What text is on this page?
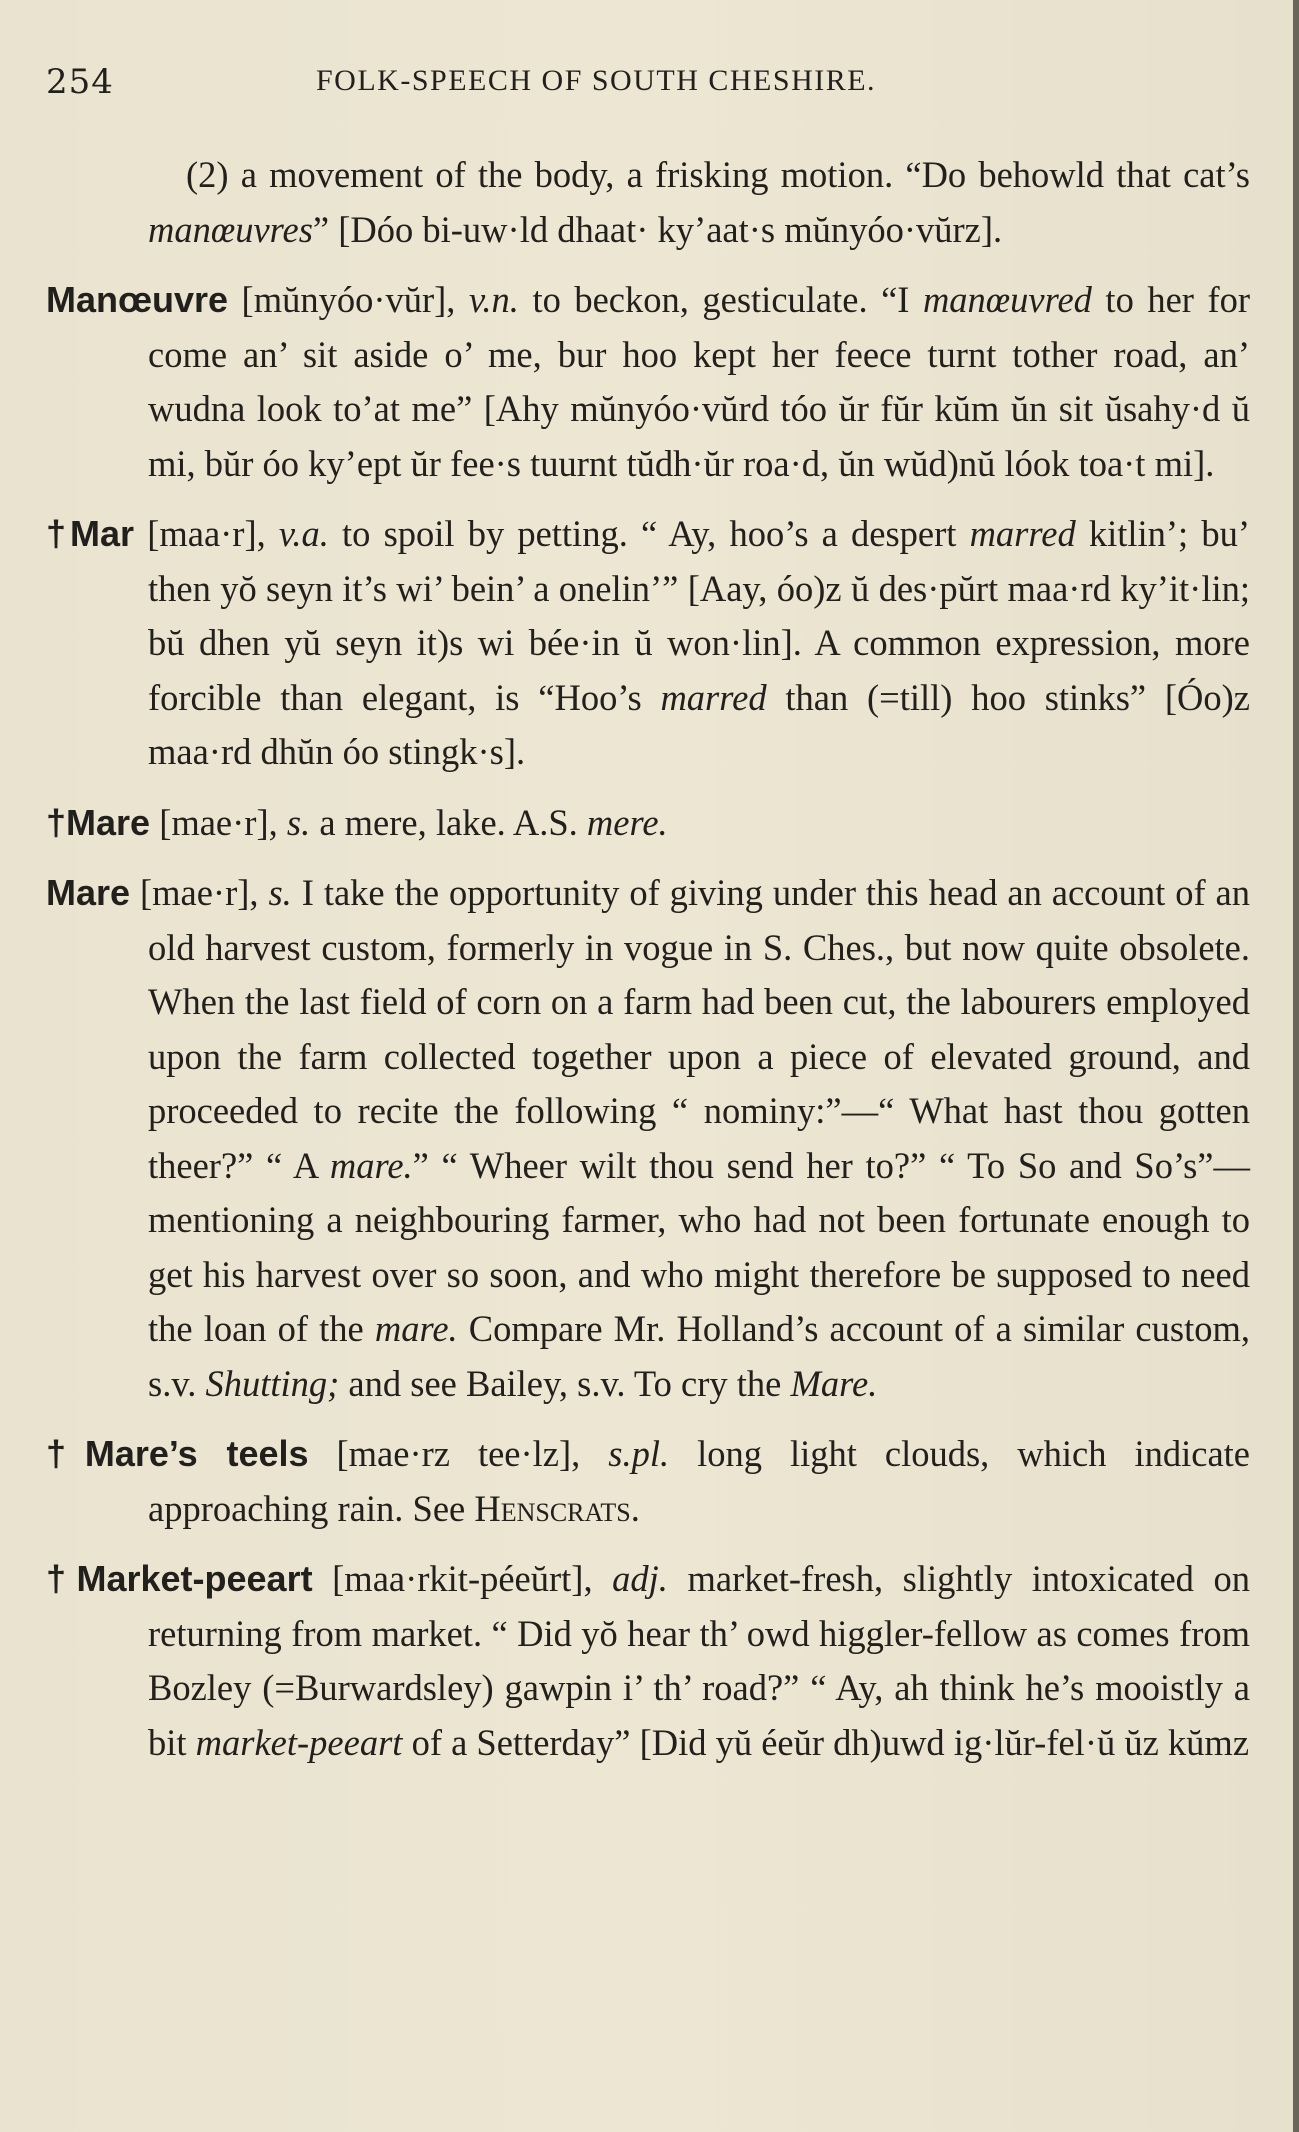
254	FOLK-SPEECH OF SOUTH CHESHIRE.

(2) a movement of the body, a frisking motion. “Do behowld that cat’s manœuvres” [Dóo bi-uw·ld dhaat· ky’aat·s mŭnyóo·vŭrz].

Manœuvre [mŭnyóo·vŭr], v.n. to beckon, gesticulate. “I manœuvred to her for come an’ sit aside o’ me, bur hoo kept her feece turnt tother road, an’ wudna look to’at me” [Ahy mŭnyóo·vŭrd tóo ŭr fŭr kŭm ŭn sit ŭsahy·d ŭ mi, bŭr óo ky’ept ŭr fee·s tuurnt tŭdh·ŭr roa·d, ŭn wŭd)nŭ lóok toa·t mi].

†Mar [maa·r], v.a. to spoil by petting. “ Ay, hoo’s a despert marred kitlin’; bu’ then yŏ seyn it’s wi’ bein’ a onelin’” [Aay, óo)z ŭ des·pŭrt maa·rd ky’it·lin; bŭ dhen yŭ seyn it)s wi bée·in ŭ won·lin]. A common expression, more forcible than elegant, is “Hoo’s marred than (=till) hoo stinks” [Óo)z maa·rd dhŭn óo stingk·s].

†Mare [mae·r], s. a mere, lake. A.S. mere.

Mare [mae·r], s. I take the opportunity of giving under this head an account of an old harvest custom, formerly in vogue in S. Ches., but now quite obsolete. When the last field of corn on a farm had been cut, the labourers employed upon the farm collected together upon a piece of elevated ground, and proceeded to recite the following “ nominy:”—“ What hast thou gotten theer?” “ A mare.” “ Wheer wilt thou send her to?” “ To So and So’s”—mentioning a neighbouring farmer, who had not been fortunate enough to get his harvest over so soon, and who might therefore be supposed to need the loan of the mare. Compare Mr. Holland’s account of a similar custom, s.v. Shutting; and see Bailey, s.v. To cry the Mare.

†Mare’s teels [mae·rz tee·lz], s.pl. long light clouds, which indicate approaching rain. See Henscrats.

†Market-peeart [maa·rkit-péeŭrt], adj. market-fresh, slightly intoxicated on returning from market. “ Did yŏ hear th’ owd higgler-fellow as comes from Bozley (=Burwardsley) gawpin i’ th’ road?” “ Ay, ah think he’s mooistly a bit market-peeart of a Setterday” [Did yŭ éeŭr dh)uwd ig·lŭr-fel·ŭ ŭz kŭmz
